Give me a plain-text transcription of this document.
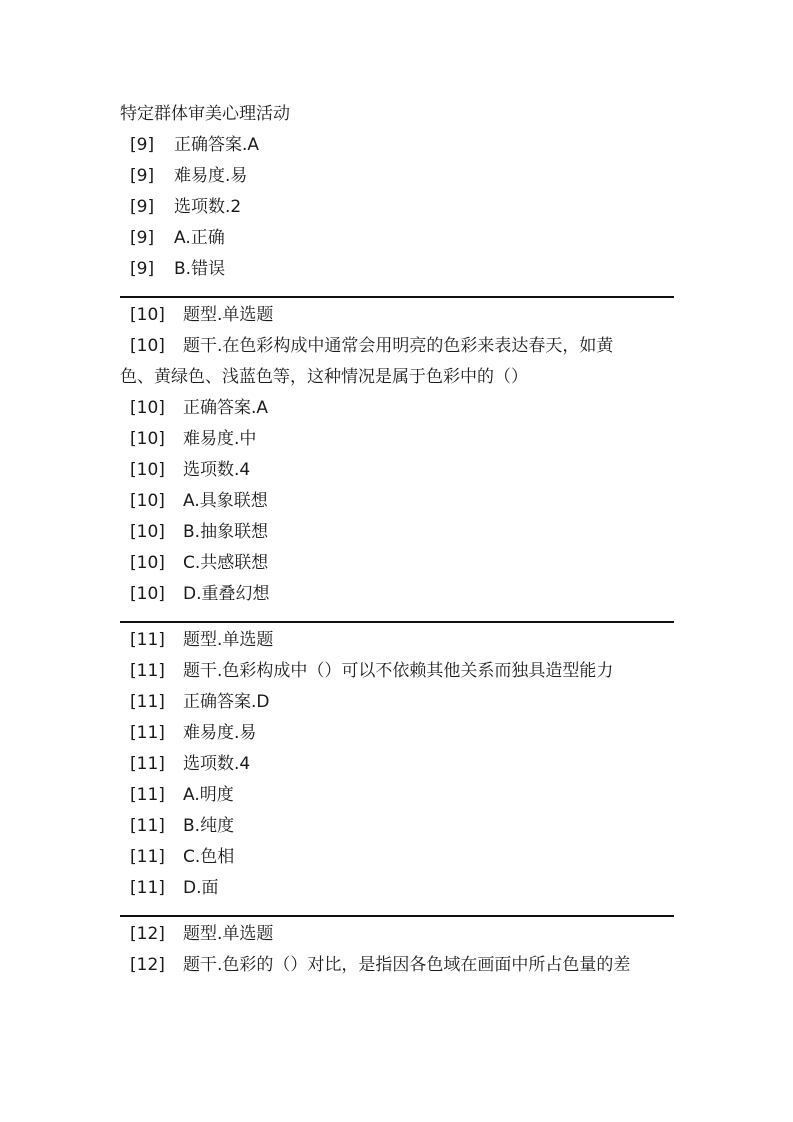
特定群体审美心理活动
[9]	正确答案.A
[9]	难易度.易
[9]	选项数.2
[9]	A.正确
[9]	B.错误
[10]	题型.单选题
[10]	题干.在色彩构成中通常会用明亮的色彩来表达春天，如黄
色、黄绿色、浅蓝色等，这种情况是属于色彩中的（）
[10]	正确答案.A
[10]	难易度.中
[10]	选项数.4
[10]	A.具象联想
[10]	B.抽象联想
[10]	C.共感联想
[10]	D.重叠幻想
[11]	题型.单选题
[11]	题干.色彩构成中（）可以不依赖其他关系而独具造型能力
[11]	正确答案.D
[11]	难易度.易
[11]	选项数.4
[11]	A.明度
[11]	B.纯度
[11]	C.色相
[11]	D.面
[12]	题型.单选题
[12]	题干.色彩的（）对比，是指因各色域在画面中所占色量的差
